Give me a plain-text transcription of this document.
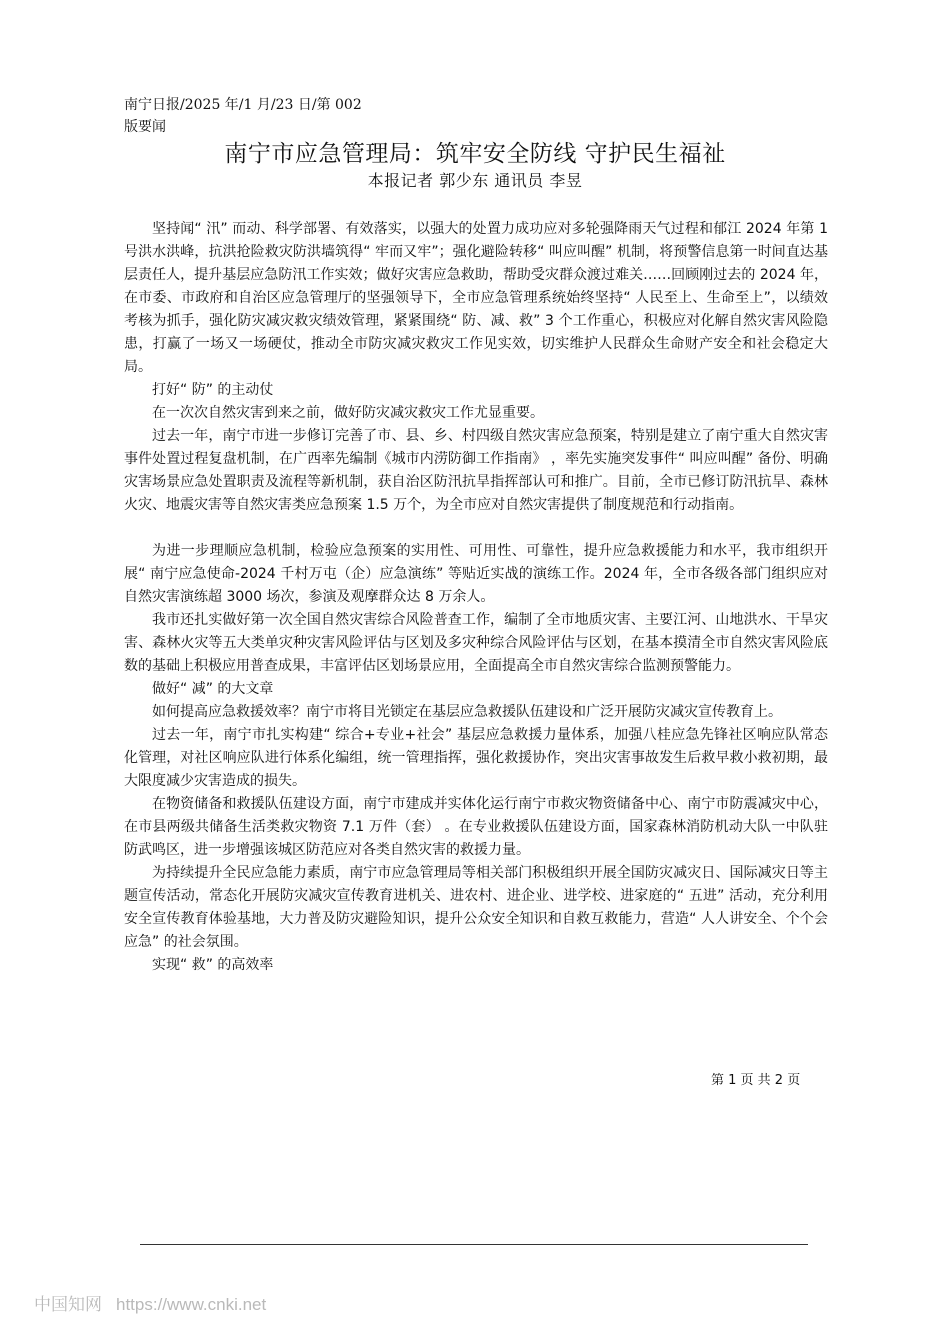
南宁日报/2025 年/1 月/23 日/第 002
版要闻
南宁市应急管理局：筑牢安全防线 守护民生福祉
本报记者 郭少东 通讯员 李昱

坚持闻“ 汛” 而动、科学部署、有效落实，以强大的处置力成功应对多轮强降雨天气过程和郁江 2024 年第 1 号洪水洪峰，抗洪抢险救灾防洪墙筑得“ 牢而又牢”；强化避险转移“ 叫应叫醒” 机制，将预警信息第一时间直达基层责任人，提升基层应急防汛工作实效；做好灾害应急救助，帮助受灾群众渡过难关……回顾刚过去的 2024 年，在市委、市政府和自治区应急管理厅的坚强领导下，全市应急管理系统始终坚持“ 人民至上、生命至上”，以绩效考核为抓手，强化防灾减灾救灾绩效管理，紧紧围绕“ 防、减、救” 3 个工作重心，积极应对化解自然灾害风险隐患，打赢了一场又一场硬仗，推动全市防灾减灾救灾工作见实效，切实维护人民群众生命财产安全和社会稳定大局。

打好“ 防” 的主动仗

在一次次自然灾害到来之前，做好防灾减灾救灾工作尤显重要。

过去一年，南宁市进一步修订完善了市、县、乡、村四级自然灾害应急预案，特别是建立了南宁重大自然灾害事件处置过程复盘机制，在广西率先编制《城市内涝防御工作指南》 ，率先实施突发事件“ 叫应叫醒” 备份、明确灾害场景应急处置职责及流程等新机制，获自治区防汛抗旱指挥部认可和推广。目前，全市已修订防汛抗旱、森林火灾、地震灾害等自然灾害类应急预案 1.5 万个，为全市应对自然灾害提供了制度规范和行动指南。

为进一步理顺应急机制，检验应急预案的实用性、可用性、可靠性，提升应急救援能力和水平，我市组织开展“ 南宁应急使命-2024 千村万屯（企）应急演练” 等贴近实战的演练工作。2024 年，全市各级各部门组织应对自然灾害演练超 3000 场次，参演及观摩群众达 8 万余人。

我市还扎实做好第一次全国自然灾害综合风险普查工作，编制了全市地质灾害、主要江河、山地洪水、干旱灾害、森林火灾等五大类单灾种灾害风险评估与区划及多灾种综合风险评估与区划，在基本摸清全市自然灾害风险底数的基础上积极应用普查成果，丰富评估区划场景应用，全面提高全市自然灾害综合监测预警能力。

做好“ 减” 的大文章

如何提高应急救援效率？南宁市将目光锁定在基层应急救援队伍建设和广泛开展防灾减灾宣传教育上。

过去一年，南宁市扎实构建“ 综合+专业+社会” 基层应急救援力量体系，加强八桂应急先锋社区响应队常态化管理，对社区响应队进行体系化编组，统一管理指挥，强化救援协作，突出灾害事故发生后救早救小救初期，最大限度减少灾害造成的损失。

在物资储备和救援队伍建设方面，南宁市建成并实体化运行南宁市救灾物资储备中心、南宁市防震减灾中心，在市县两级共储备生活类救灾物资 7.1 万件（套） 。在专业救援队伍建设方面，国家森林消防机动大队一中队驻防武鸣区，进一步增强该城区防范应对各类自然灾害的救援力量。

为持续提升全民应急能力素质，南宁市应急管理局等相关部门积极组织开展全国防灾减灾日、国际减灾日等主题宣传活动，常态化开展防灾减灾宣传教育进机关、进农村、进企业、进学校、进家庭的“ 五进” 活动，充分利用安全宣传教育体验基地，大力普及防灾避险知识，提升公众安全知识和自救互救能力，营造“ 人人讲安全、个个会应急” 的社会氛围。

实现“ 救” 的高效率

第 1 页 共 2 页
中国知网 https://www.cnki.net
